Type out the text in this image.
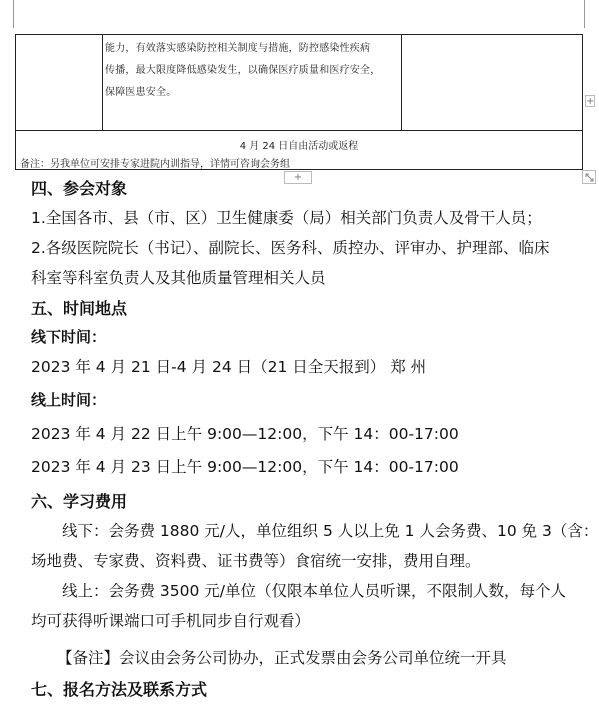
能力，有效落实感染防控相关制度与措施，防控感染性疾病
传播，最大限度降低感染发生，以确保医疗质量和医疗安全，
保障医患安全。
4 月 24 日自由活动或返程
备注：另我单位可安排专家进院内训指导，详情可咨询会务组
+
+
四、参会对象
1.全国各市、县（市、区）卫生健康委（局）相关部门负责人及骨干人员；
2.各级医院院长（书记）、副院长、医务科、质控办、评审办、护理部、临床
科室等科室负责人及其他质量管理相关人员
五、时间地点
线下时间：
2023 年 4 月 21 日-4 月 24 日（21 日全天报到） 郑 州
线上时间：
2023 年 4 月 22 日上午 9:00—12:00，下午 14：00-17:00
2023 年 4 月 23 日上午 9:00—12:00，下午 14：00-17:00
六、学习费用
线下：会务费 1880 元/人，单位组织 5 人以上免 1 人会务费、10 免 3（含：
场地费、专家费、资料费、证书费等）食宿统一安排，费用自理。
线上：会务费 3500 元/单位（仅限本单位人员听课，不限制人数，每个人
均可获得听课端口可手机同步自行观看）
【备注】会议由会务公司协办，正式发票由会务公司单位统一开具
七、报名方法及联系方式
